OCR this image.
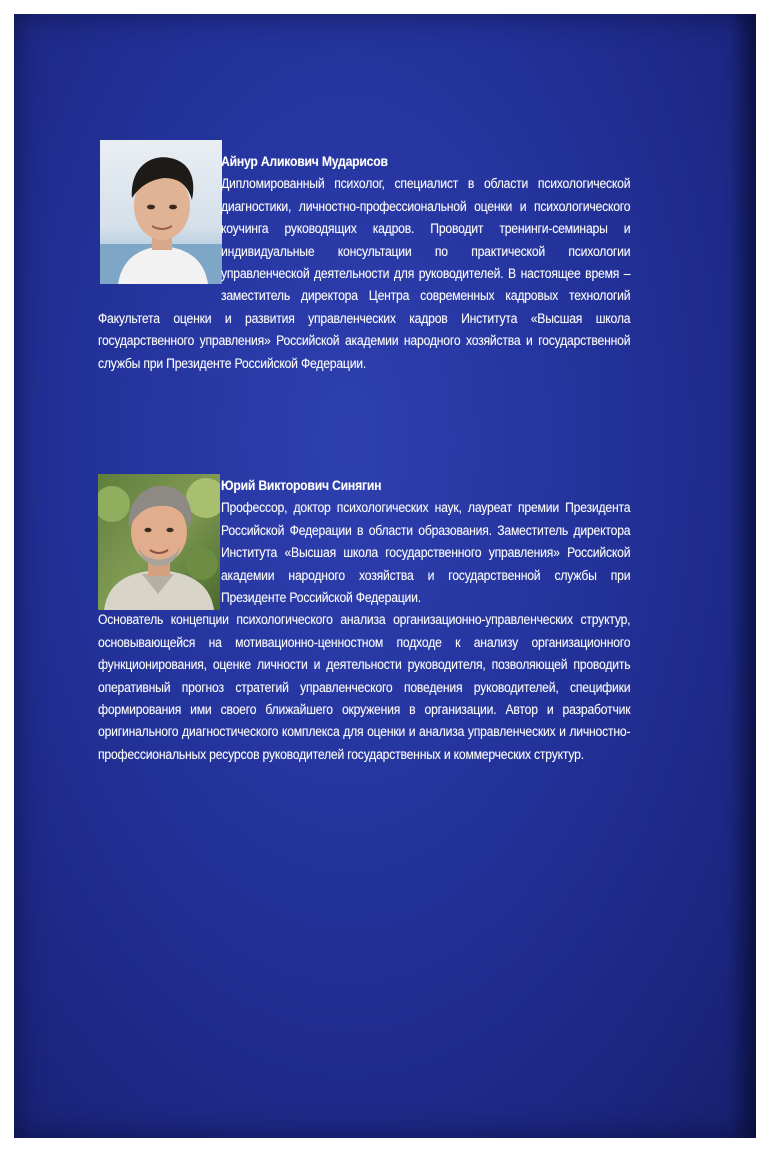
Айнур Аликович Мударисов
Дипломированный психолог, специалист в области психологической диагностики, личностно-профессиональной оценки и психологического коучинга руководящих кадров. Проводит тренинги-семинары и индивидуальные консультации по практической психологии управленческой деятельности для руководителей. В настоящее время – заместитель директора Центра современных кадровых технологий Факультета оценки и развития управленческих кадров Института «Высшая школа государственного управления» Российской академии народного хозяйства и государственной службы при Президенте Российской Федерации.
Юрий Викторович Синягин
Профессор, доктор психологических наук, лауреат премии Президента Российской Федерации в области образования. Заместитель директора Института «Высшая школа государственного управления» Российской академии народного хозяйства и государственной службы при Президенте Российской Федерации.
Основатель концепции психологического анализа организационно-управленческих структур, основывающейся на мотивационно-ценностном подходе к анализу организационного функционирования, оценке личности и деятельности руководителя, позволяющей проводить оперативный прогноз стратегий управленческого поведения руководителей, специфики формирования ими своего ближайшего окружения в организации. Автор и разработчик оригинального диагностического комплекса для оценки и анализа управленческих и личностно-профессиональных ресурсов руководителей государственных и коммерческих структур.
